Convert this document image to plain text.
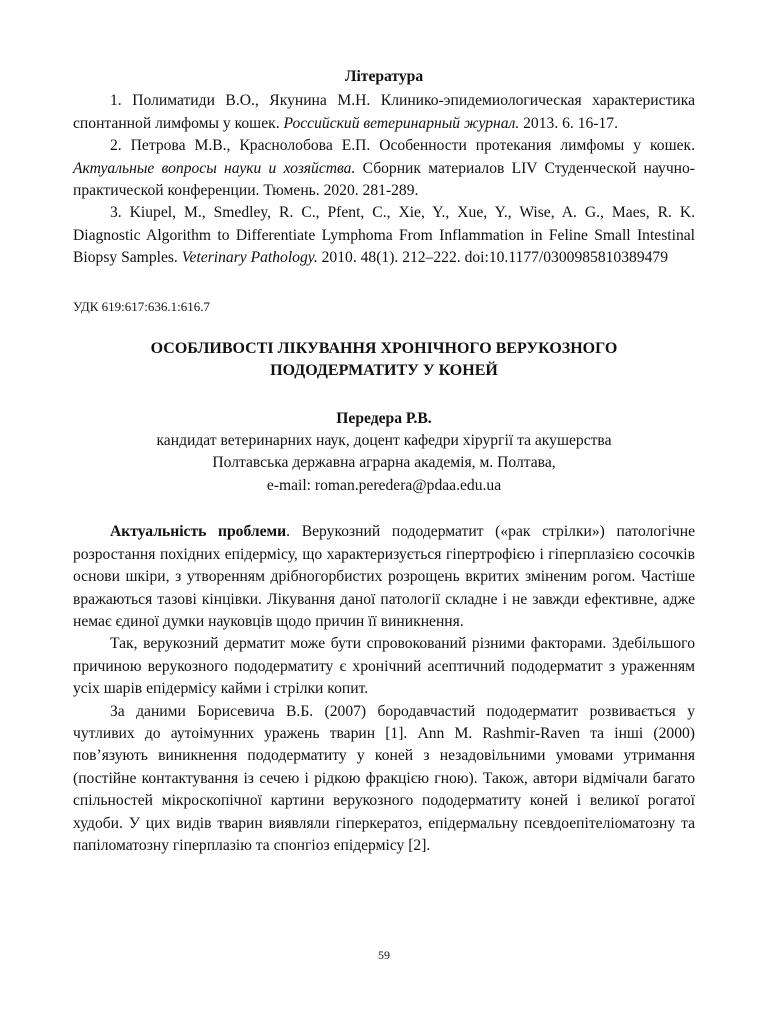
Література

1. Полиматиди В.О., Якунина М.Н. Клинико-эпидемиологическая характеристика спонтанной лимфомы у кошек. Российский ветеринарный журнал. 2013. 6. 16-17.

2. Петрова М.В., Краснолобова Е.П. Особенности протекания лимфомы у кошек. Актуальные вопросы науки и хозяйства. Сборник материалов LIV Студенческой научно-практической конференции. Тюмень. 2020. 281-289.

3. Kiupel, M., Smedley, R. C., Pfent, C., Xie, Y., Xue, Y., Wise, A. G., Maes, R. K. Diagnostic Algorithm to Differentiate Lymphoma From Inflammation in Feline Small Intestinal Biopsy Samples. Veterinary Pathology. 2010. 48(1). 212–222. doi:10.1177/0300985810389479

УДК 619:617:636.1:616.7
ОСОБЛИВОСТІ ЛІКУВАННЯ ХРОНІЧНОГО ВЕРУКОЗНОГО
ПОДОДЕРМАТИТУ У КОНЕЙ
Передера Р.В.
кандидат ветеринарних наук, доцент кафедри хірургії та акушерства
Полтавська державна аграрна академія, м. Полтава,
e-mail: roman.peredera@pdaa.edu.ua

Актуальність проблеми. Верукозний пододерматит («рак стрілки») патологічне розростання похідних епідермісу, що характеризується гіпертрофією і гіперплазією сосочків основи шкіри, з утворенням дрібногорбистих розрощень вкритих зміненим рогом. Частіше вражаються тазові кінцівки. Лікування даної патології складне і не завжди ефективне, адже немає єдиної думки науковців щодо причин її виникнення.

Так, верукозний дерматит може бути спровокований різними факторами. Здебільшого причиною верукозного пододерматиту є хронічний асептичний пододерматит з ураженням усіх шарів епідермісу кайми і стрілки копит.

За даними Борисевича В.Б. (2007) бородавчастий пододерматит розвивається у чутливих до аутоімунних уражень тварин [1]. Ann M. Rashmir-Raven та інші (2000) пов’язують виникнення пододерматиту у коней з незадовільними умовами утримання (постійне контактування із сечею і рідкою фракцією гною). Також, автори відмічали багато спільностей мікроскопічної картини верукозного пододерматиту коней і великої рогатої худоби. У цих видів тварин виявляли гіперкератоз, епідермальну псевдоепітеліоматозну та папіломатозну гіперплазію та спонгіоз епідермісу [2].

59
